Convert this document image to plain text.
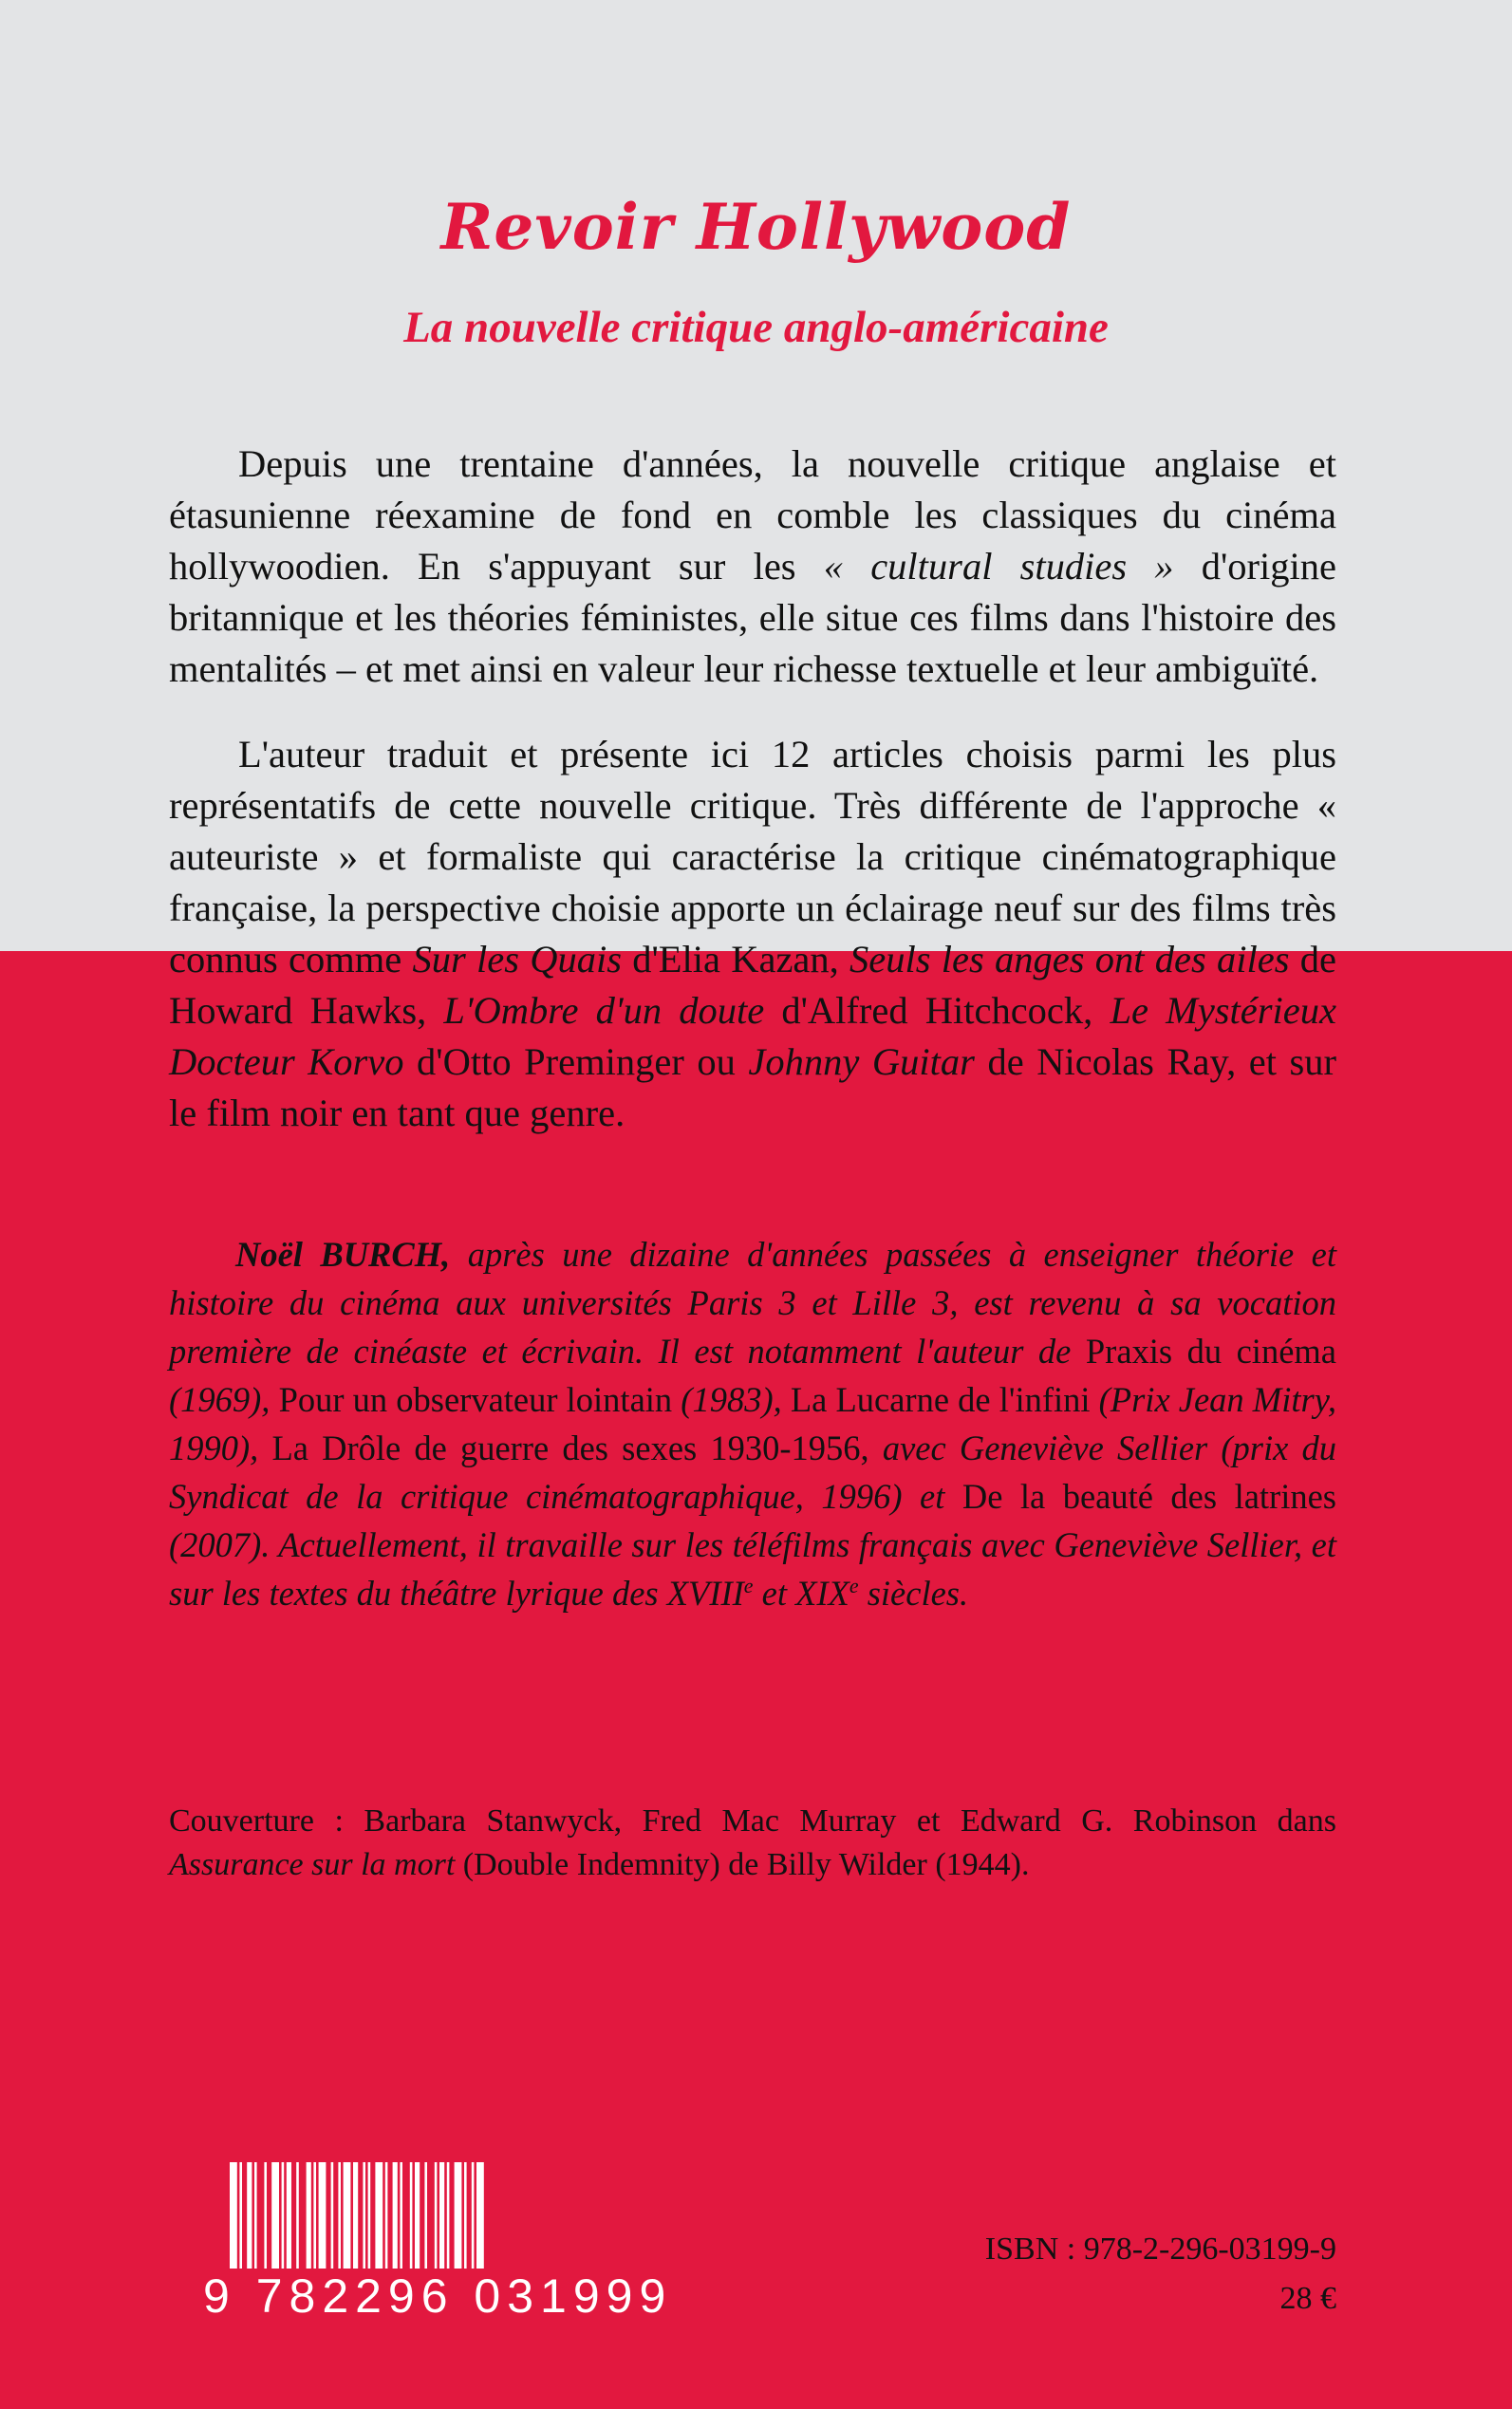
Revoir Hollywood
La nouvelle critique anglo-américaine

Depuis une trentaine d'années, la nouvelle critique anglaise et étasunienne réexamine de fond en comble les classiques du cinéma hollywoodien. En s'appuyant sur les « cultural studies » d'origine britannique et les théories féministes, elle situe ces films dans l'histoire des mentalités – et met ainsi en valeur leur richesse textuelle et leur ambiguïté.

L'auteur traduit et présente ici 12 articles choisis parmi les plus représentatifs de cette nouvelle critique. Très différente de l'approche « auteuriste » et formaliste qui caractérise la critique cinématographique française, la perspective choisie apporte un éclairage neuf sur des films très connus comme Sur les Quais d'Elia Kazan, Seuls les anges ont des ailes de Howard Hawks, L'Ombre d'un doute d'Alfred Hitchcock, Le Mystérieux Docteur Korvo d'Otto Preminger ou Johnny Guitar de Nicolas Ray, et sur le film noir en tant que genre.

Noël BURCH, après une dizaine d'années passées à enseigner théorie et histoire du cinéma aux universités Paris 3 et Lille 3, est revenu à sa vocation première de cinéaste et écrivain. Il est notamment l'auteur de Praxis du cinéma (1969), Pour un observateur lointain (1983), La Lucarne de l'infini (Prix Jean Mitry, 1990), La Drôle de guerre des sexes 1930-1956, avec Geneviève Sellier (prix du Syndicat de la critique cinématographique, 1996) et De la beauté des latrines (2007). Actuellement, il travaille sur les téléfilms français avec Geneviève Sellier, et sur les textes du théâtre lyrique des XVIIIe et XIXe siècles.

Couverture : Barbara Stanwyck, Fred Mac Murray et Edward G. Robinson dans Assurance sur la mort (Double Indemnity) de Billy Wilder (1944).

9 782296 031999
ISBN : 978-2-296-03199-9
28 €
